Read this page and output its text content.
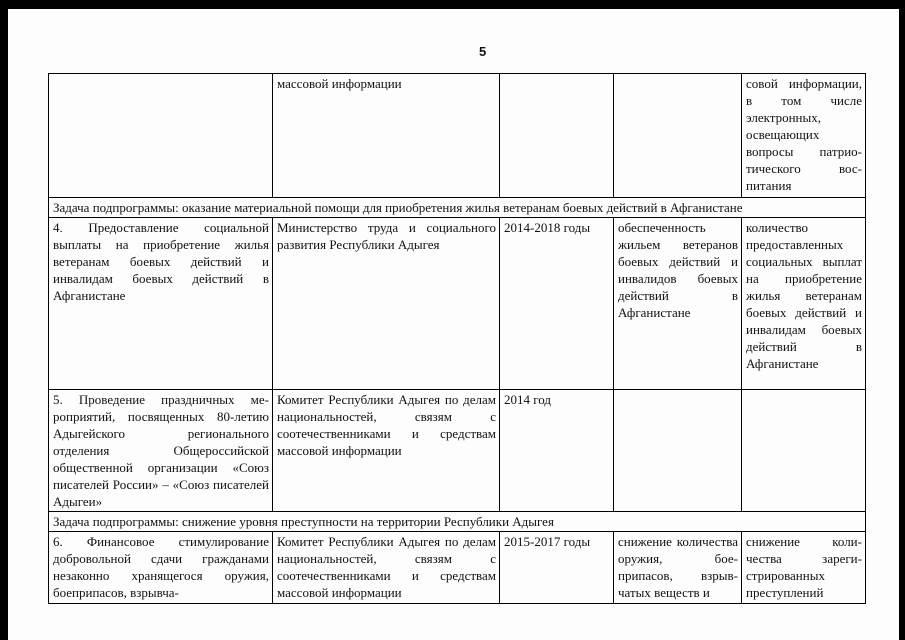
5
	массовой информации			совой информации, в том числе электронных, освещающих вопросы патриотического воспитания
Задача подпрограммы: оказание материальной помощи для приобретения жилья ветеранам боевых действий в Афганистане				
4. Предоставление социальной выплаты на приобретение жилья ветеранам боевых действий и инвалидам боевых действий в Афганистане	Министерство труда и социального развития Республики Адыгея	2014-2018 годы	обеспеченность жильем ветеранов боевых действий и инвалидов боевых действий в Афганистане	количество предоставленных социальных выплат на приобретение жилья ветеранам боевых действий и инвалидам боевых действий в Афганистане
5. Проведение праздничных мероприятий, посвященных 80-летию Адыгейского регионального отделения Общероссийской общественной организации «Союз писателей России» – «Союз писателей Адыгеи»	Комитет Республики Адыгея по делам национальностей, связям с соотечественниками и средствам массовой информации	2014 год		
Задача подпрограммы: снижение уровня преступности на территории Республики Адыгея				
6. Финансовое стимулирование добровольной сдачи гражданами незаконно хранящегося оружия, боеприпасов, взрывча-	Комитет Республики Адыгея по делам национальностей, связям с соотечественниками и средствам массовой информации	2015-2017 годы	снижение количества оружия, боеприпасов, взрывчатых веществ и	снижение количества зарегистрированных преступлений
